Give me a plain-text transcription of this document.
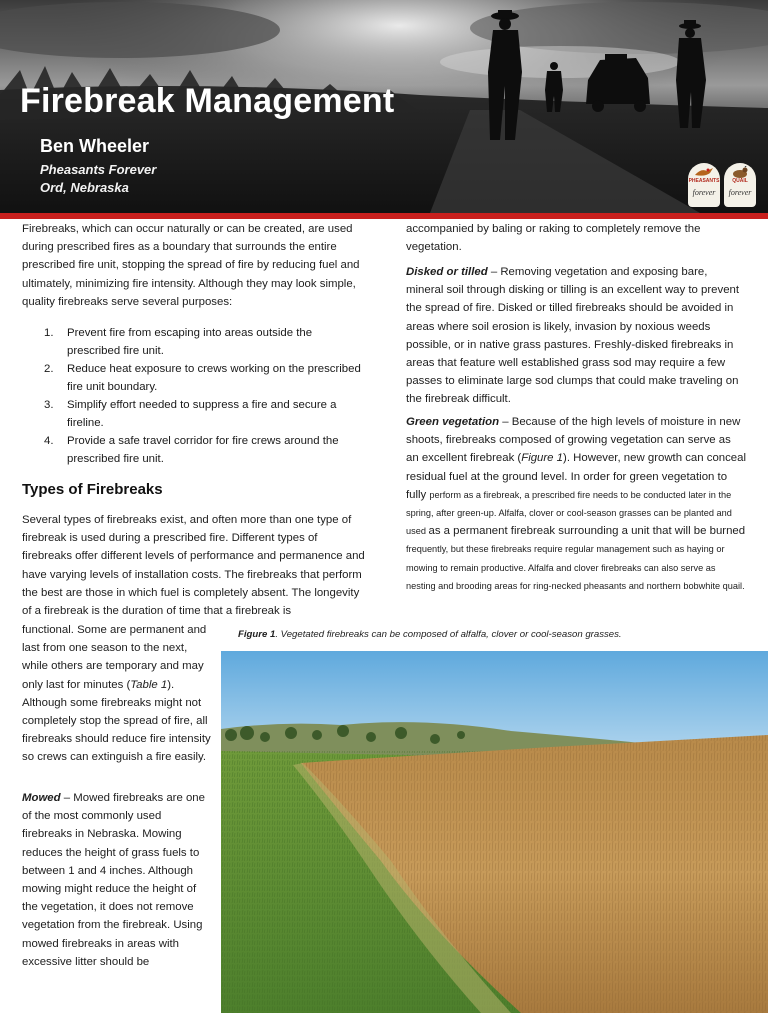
Firebreak Management
Ben Wheeler
Pheasants Forever
Ord, Nebraska	PHEASANTS
forever
QUAIL
forever

Firebreaks, which can occur naturally or can be created, are used during prescribed fires as a boundary that surrounds the entire prescribed fire unit, stopping the spread of fire by reducing fuel and ultimately, minimizing fire intensity. Although they may look simple, quality firebreaks serve several purposes:

1. Prevent fire from escaping into areas outside the prescribed fire unit.
2. Reduce heat exposure to crews working on the prescribed fire unit boundary.
3. Simplify effort needed to suppress a fire and secure a fireline.
4. Provide a safe travel corridor for fire crews around the prescribed fire unit.
Types of Firebreaks

Several types of firebreaks exist, and often more than one type of firebreak is used during a prescribed fire. Different types of firebreaks offer different levels of performance and permanence and have varying levels of installation costs. The firebreaks that perform the best are those in which fuel is completely absent. The longevity of a firebreak is the duration of time that a firebreak is

functional. Some are permanent and last from one season to the next, while others are temporary and may only last for minutes (Table 1). Although some firebreaks might not completely stop the spread of fire, all firebreaks should reduce fire intensity so crews can extinguish a fire easily.

Mowed – Mowed firebreaks are one of the most commonly used firebreaks in Nebraska. Mowing reduces the height of grass fuels to between 1 and 4 inches. Although mowing might reduce the height of the vegetation, it does not remove vegetation from the firebreak. Using mowed firebreaks in areas with excessive litter should be

accompanied by baling or raking to completely remove the vegetation.

Disked or tilled – Removing vegetation and exposing bare, mineral soil through disking or tilling is an excellent way to prevent the spread of fire. Disked or tilled firebreaks should be avoided in areas where soil erosion is likely, invasion by noxious weeds possible, or in native grass pastures. Freshly-disked firebreaks in areas that feature well established grass sod may require a few passes to eliminate large sod clumps that could make traveling on the firebreak difficult.

Green vegetation – Because of the high levels of moisture in new shoots, firebreaks composed of growing vegetation can serve as an excellent firebreak (Figure 1). However, new growth can conceal residual fuel at the ground level. In order for green vegetation to fully perform as a firebreak, a prescribed fire needs to be conducted later in the spring, after green-up. Alfalfa, clover or cool-season grasses can be planted and used as a permanent firebreak surrounding a unit that will be burned frequently, but these firebreaks require regular management such as haying or mowing to remain productive. Alfalfa and clover firebreaks can also serve as nesting and brooding areas for ring-necked pheasants and northern bobwhite quail.

Figure 1. Vegetated firebreaks can be composed of alfalfa, clover or cool-season grasses.
